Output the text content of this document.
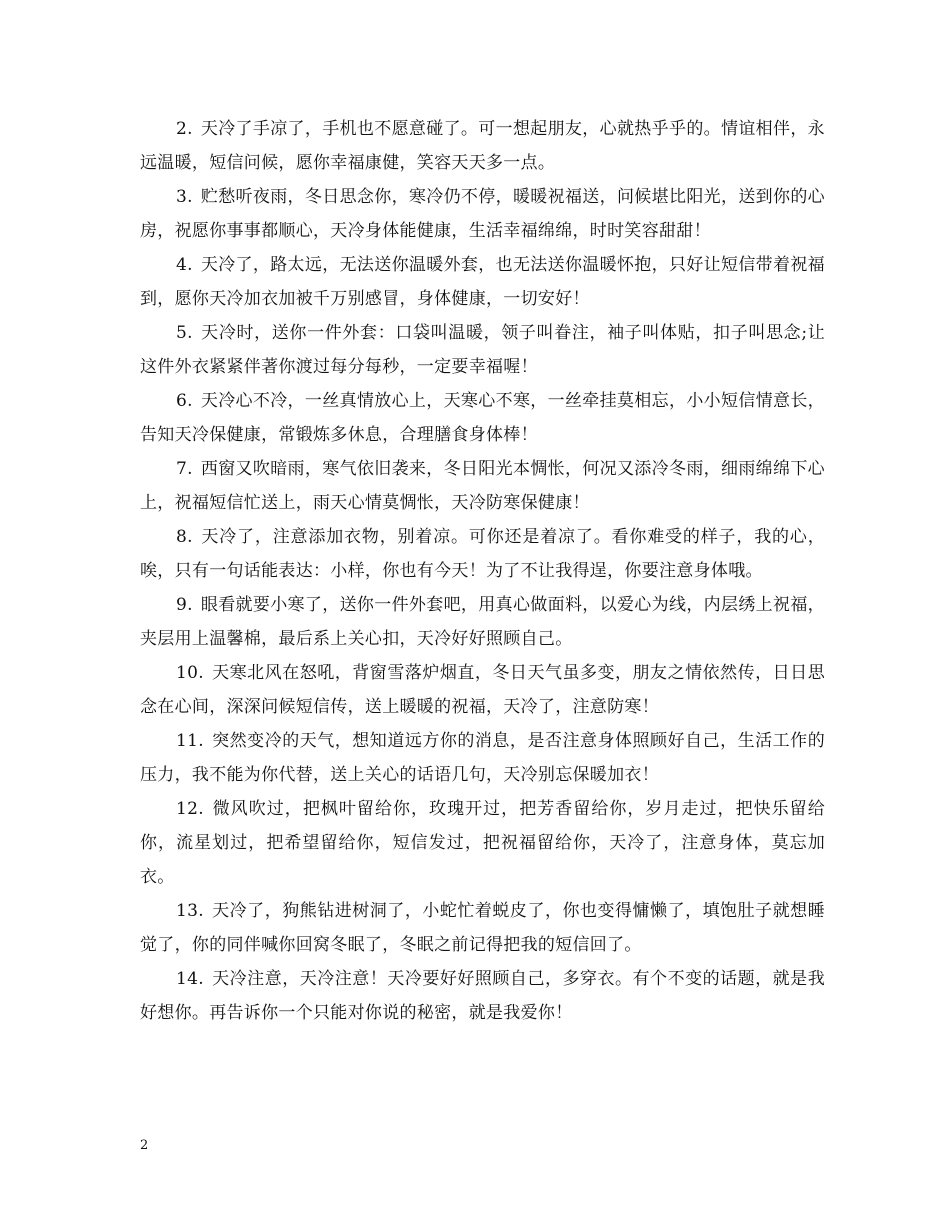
2. 天冷了手凉了，手机也不愿意碰了。可一想起朋友，心就热乎乎的。情谊相伴，永远温暖，短信问候，愿你幸福康健，笑容天天多一点。

3. 贮愁听夜雨，冬日思念你，寒冷仍不停，暖暖祝福送，问候堪比阳光，送到你的心房，祝愿你事事都顺心，天冷身体能健康，生活幸福绵绵，时时笑容甜甜！

4. 天冷了，路太远，无法送你温暖外套，也无法送你温暖怀抱，只好让短信带着祝福到，愿你天冷加衣加被千万别感冒，身体健康，一切安好！

5. 天冷时，送你一件外套：口袋叫温暖，领子叫眷注，袖子叫体贴，扣子叫思念;让这件外衣紧紧伴著你渡过每分每秒，一定要幸福喔！

6. 天冷心不冷，一丝真情放心上，天寒心不寒，一丝牵挂莫相忘，小小短信情意长，告知天冷保健康，常锻炼多休息，合理膳食身体棒！

7. 西窗又吹暗雨，寒气依旧袭来，冬日阳光本惆怅，何况又添冷冬雨，细雨绵绵下心上，祝福短信忙送上，雨天心情莫惆怅，天冷防寒保健康！

8. 天冷了，注意添加衣物，别着凉。可你还是着凉了。看你难受的样子，我的心，唉，只有一句话能表达：小样，你也有今天！为了不让我得逞，你要注意身体哦。

9. 眼看就要小寒了，送你一件外套吧，用真心做面料，以爱心为线，内层绣上祝福，夹层用上温馨棉，最后系上关心扣，天冷好好照顾自己。

10. 天寒北风在怒吼，背窗雪落炉烟直，冬日天气虽多变，朋友之情依然传，日日思念在心间，深深问候短信传，送上暖暖的祝福，天冷了，注意防寒！

11. 突然变冷的天气，想知道远方你的消息，是否注意身体照顾好自己，生活工作的压力，我不能为你代替，送上关心的话语几句，天冷别忘保暖加衣！

12. 微风吹过，把枫叶留给你，玫瑰开过，把芳香留给你，岁月走过，把快乐留给你，流星划过，把希望留给你，短信发过，把祝福留给你，天冷了，注意身体，莫忘加衣。

13. 天冷了，狗熊钻进树洞了，小蛇忙着蜕皮了，你也变得慵懒了，填饱肚子就想睡觉了，你的同伴喊你回窝冬眠了，冬眠之前记得把我的短信回了。

14. 天冷注意，天冷注意！天冷要好好照顾自己，多穿衣。有个不变的话题，就是我好想你。再告诉你一个只能对你说的秘密，就是我爱你！

2
